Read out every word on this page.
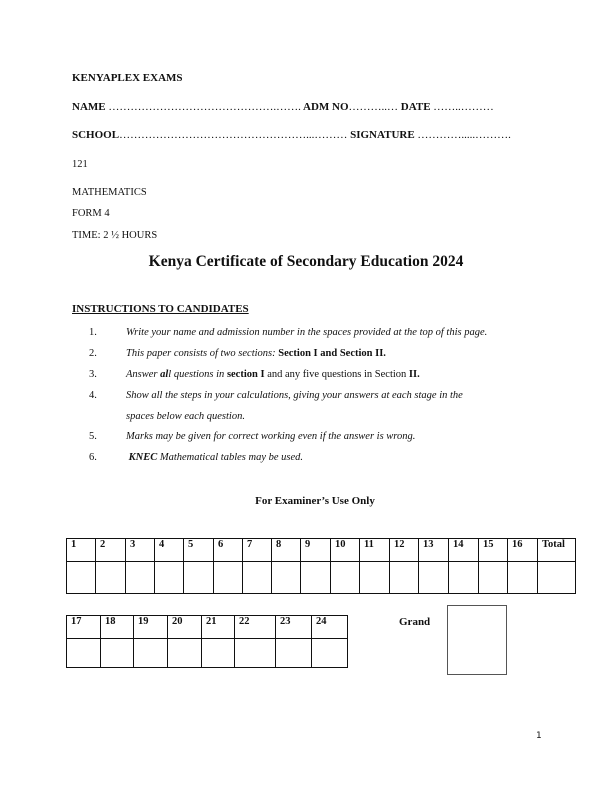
KENYAPLEX EXAMS
NAME ……………………………………….……. ADM NO………..… DATE ……..………
SCHOOL……………………………………………...……… SIGNATURE ………….....……….
121
MATHEMATICS
FORM 4
TIME: 2 ½ HOURS
Kenya Certificate of Secondary Education 2024
INSTRUCTIONS TO CANDIDATES
1.	Write your name and admission number in the spaces provided at the top of this page.
2.	This paper consists of two sections: Section I and Section II.
3.	Answer all questions in section I and any five questions in Section II.
4.	Show all the steps in your calculations, giving your answers at each stage in the
spaces below each question.
5.	Marks may be given for correct working even if the answer is wrong.
6.	KNEC Mathematical tables may be used.
For Examiner’s Use Only
1	2	3	4	5	6	7	8	9	10	11	12	13	14	15	16	Total

17	18	19	20	21	22	23	24
								Grand
1
